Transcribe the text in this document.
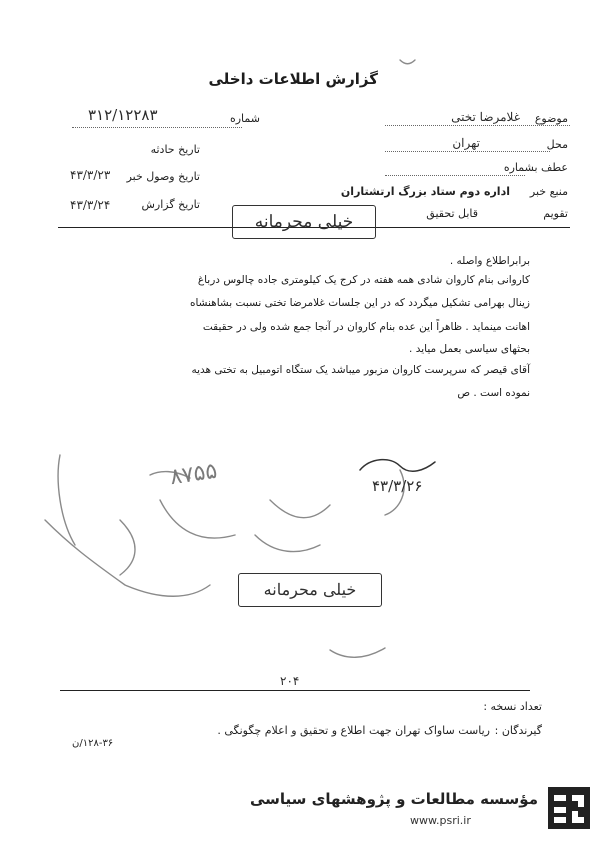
گزارش اطلاعات داخلی
موضوع
غلامرضا تختی
محل
تهران
عطف بشماره
منبع خبر
اداره دوم ستاد بزرگ ارتشتاران
تقویم
قابل تحقیق
شماره
۳۱۲/۱۲۲۸۳
تاریخ حادثه
تاریخ وصول خبر
۴۳/۳/۲۳
تاریخ گزارش
۴۳/۳/۲۴
خیلی محرمانه
برابراطلاع واصله .
کاروانی بنام کاروان شادی همه هفته در کرج یک کیلومتری جاده چالوس درباغ
زینال بهرامی تشکیل میگردد که در این جلسات غلامرضا تختی نسبت بشاهنشاه
اهانت مینماید . ظاهراً این عده بنام کاروان در آنجا جمع شده ولی در حقیقت
بحثهای سیاسی بعمل میاید .
آقای قیصر که سرپرست کاروان مزبور میباشد یک ستگاه اتومبیل به تختی هدیه
نموده است . ص
۴۳/۳/۲۶
۸۷۵۵
خیلی محرمانه
۲۰۴
تعداد نسخه :
گیرندگان :
ریاست ساواک تهران جهت اطلاع و تحقیق و اعلام چگونگی .
۱۲۸-۳۶/ن
مؤسسه مطالعات و پژوهشهای سیاسی
www.psri.ir
